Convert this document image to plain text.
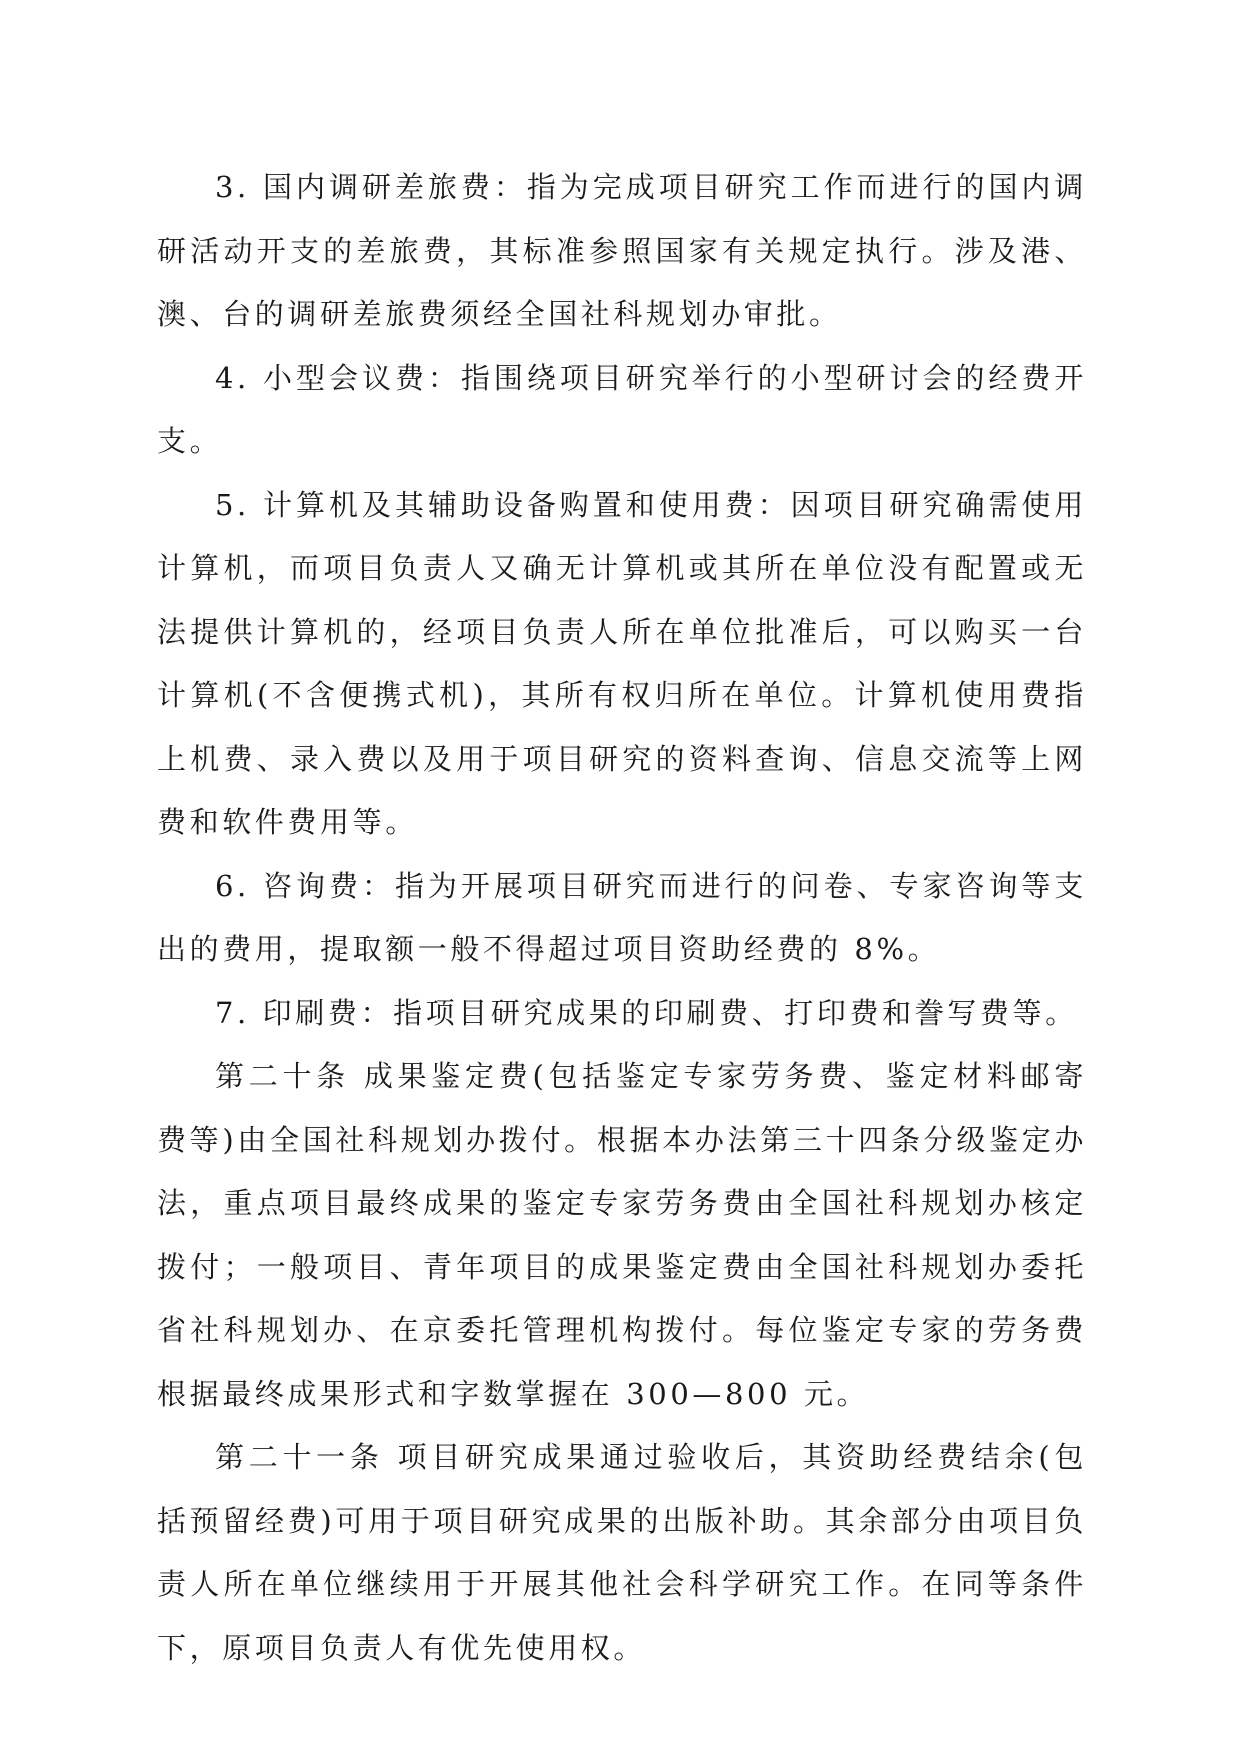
3. 国内调研差旅费：指为完成项目研究工作而进行的国内调研活动开支的差旅费，其标准参照国家有关规定执行。涉及港、澳、台的调研差旅费须经全国社科规划办审批。

4. 小型会议费：指围绕项目研究举行的小型研讨会的经费开支。

5. 计算机及其辅助设备购置和使用费：因项目研究确需使用计算机，而项目负责人又确无计算机或其所在单位没有配置或无法提供计算机的，经项目负责人所在单位批准后，可以购买一台计算机(不含便携式机)，其所有权归所在单位。计算机使用费指上机费、录入费以及用于项目研究的资料查询、信息交流等上网费和软件费用等。

6. 咨询费：指为开展项目研究而进行的问卷、专家咨询等支出的费用，提取额一般不得超过项目资助经费的 8%。

7. 印刷费：指项目研究成果的印刷费、打印费和誊写费等。

第二十条 成果鉴定费(包括鉴定专家劳务费、鉴定材料邮寄费等)由全国社科规划办拨付。根据本办法第三十四条分级鉴定办法，重点项目最终成果的鉴定专家劳务费由全国社科规划办核定拨付；一般项目、青年项目的成果鉴定费由全国社科规划办委托省社科规划办、在京委托管理机构拨付。每位鉴定专家的劳务费根据最终成果形式和字数掌握在 300—800 元。

第二十一条 项目研究成果通过验收后，其资助经费结余(包括预留经费)可用于项目研究成果的出版补助。其余部分由项目负责人所在单位继续用于开展其他社会科学研究工作。在同等条件下，原项目负责人有优先使用权。
